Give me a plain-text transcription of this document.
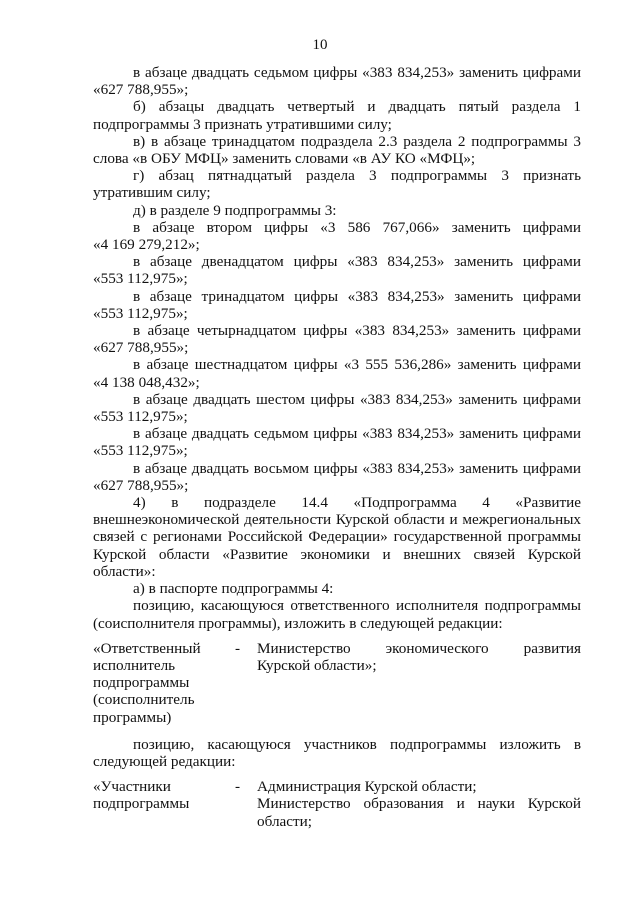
10
в абзаце двадцать седьмом цифры «383 834,253» заменить цифрами
«627 788,955»;
б) абзацы двадцать четвертый и двадцать пятый раздела 1
подпрограммы 3 признать утратившими силу;
в) в абзаце тринадцатом подраздела 2.3 раздела 2 подпрограммы 3
слова «в ОБУ МФЦ» заменить словами «в АУ КО «МФЦ»;
г) абзац пятнадцатый раздела 3 подпрограммы 3 признать
утратившим силу;
д) в разделе 9 подпрограммы 3:
в абзаце втором цифры «3 586 767,066» заменить цифрами
«4 169 279,212»;
в абзаце двенадцатом цифры «383 834,253» заменить цифрами
«553 112,975»;
в абзаце тринадцатом цифры «383 834,253» заменить цифрами
«553 112,975»;
в абзаце четырнадцатом цифры «383 834,253» заменить цифрами
«627 788,955»;
в абзаце шестнадцатом цифры «3 555 536,286» заменить цифрами
«4 138 048,432»;
в абзаце двадцать шестом цифры «383 834,253» заменить цифрами
«553 112,975»;
в абзаце двадцать седьмом цифры «383 834,253» заменить цифрами
«553 112,975»;
в абзаце двадцать восьмом цифры «383 834,253» заменить цифрами
«627 788,955»;
4) в подразделе 14.4 «Подпрограмма 4 «Развитие
внешнеэкономической деятельности Курской области и межрегиональных
связей с регионами Российской Федерации» государственной программы
Курской области «Развитие экономики и внешних связей Курской
области»:
а) в паспорте подпрограммы 4:
позицию, касающуюся ответственного исполнителя подпрограммы
(соисполнителя программы), изложить в следующей редакции:
«Ответственный
исполнитель
подпрограммы
(соисполнитель
программы)
-	Министерство экономического развития
Курской области»;
позицию, касающуюся участников подпрограммы изложить в
следующей редакции:
«Участники
подпрограммы
-	Администрация Курской области;
Министерство образования и науки Курской
области;
